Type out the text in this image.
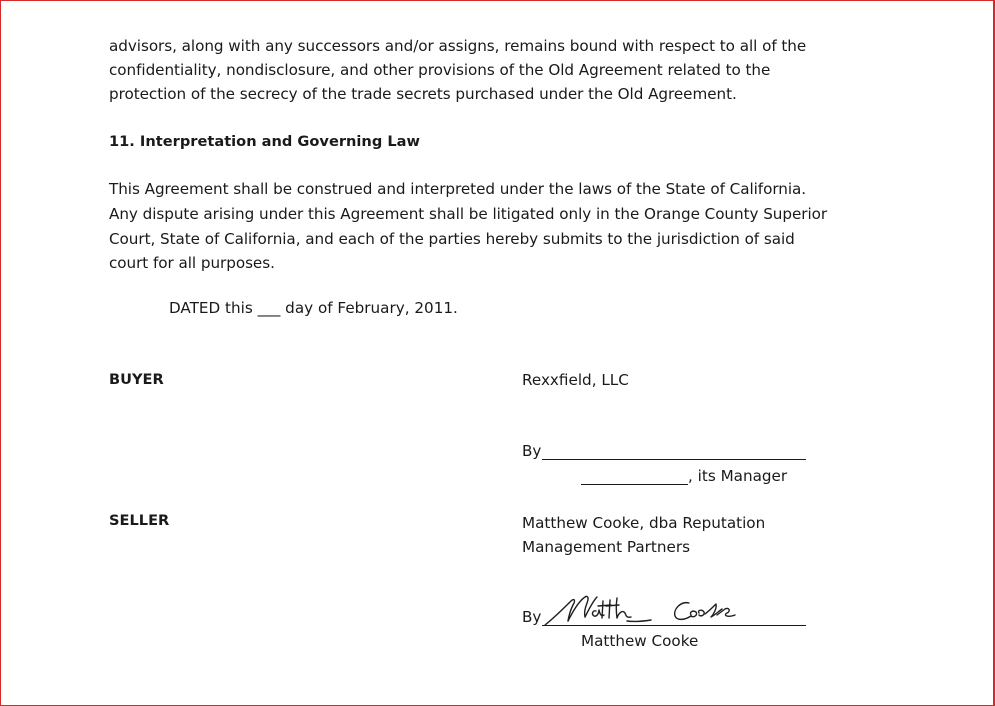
advisors, along with any successors and/or assigns, remains bound with respect to all of the
confidentiality, nondisclosure, and other provisions of the Old Agreement related to the
protection of the secrecy of the trade secrets purchased under the Old Agreement.
11. Interpretation and Governing Law
This Agreement shall be construed and interpreted under the laws of the State of California.
Any dispute arising under this Agreement shall be litigated only in the Orange County Superior
Court, State of California, and each of the parties hereby submits to the jurisdiction of said
court for all purposes.
DATED this ___ day of February, 2011.
BUYER	Rexxfield, LLC
By
, its Manager
SELLER	Matthew Cooke, dba Reputation
Management Partners
By
Matthew Cooke
